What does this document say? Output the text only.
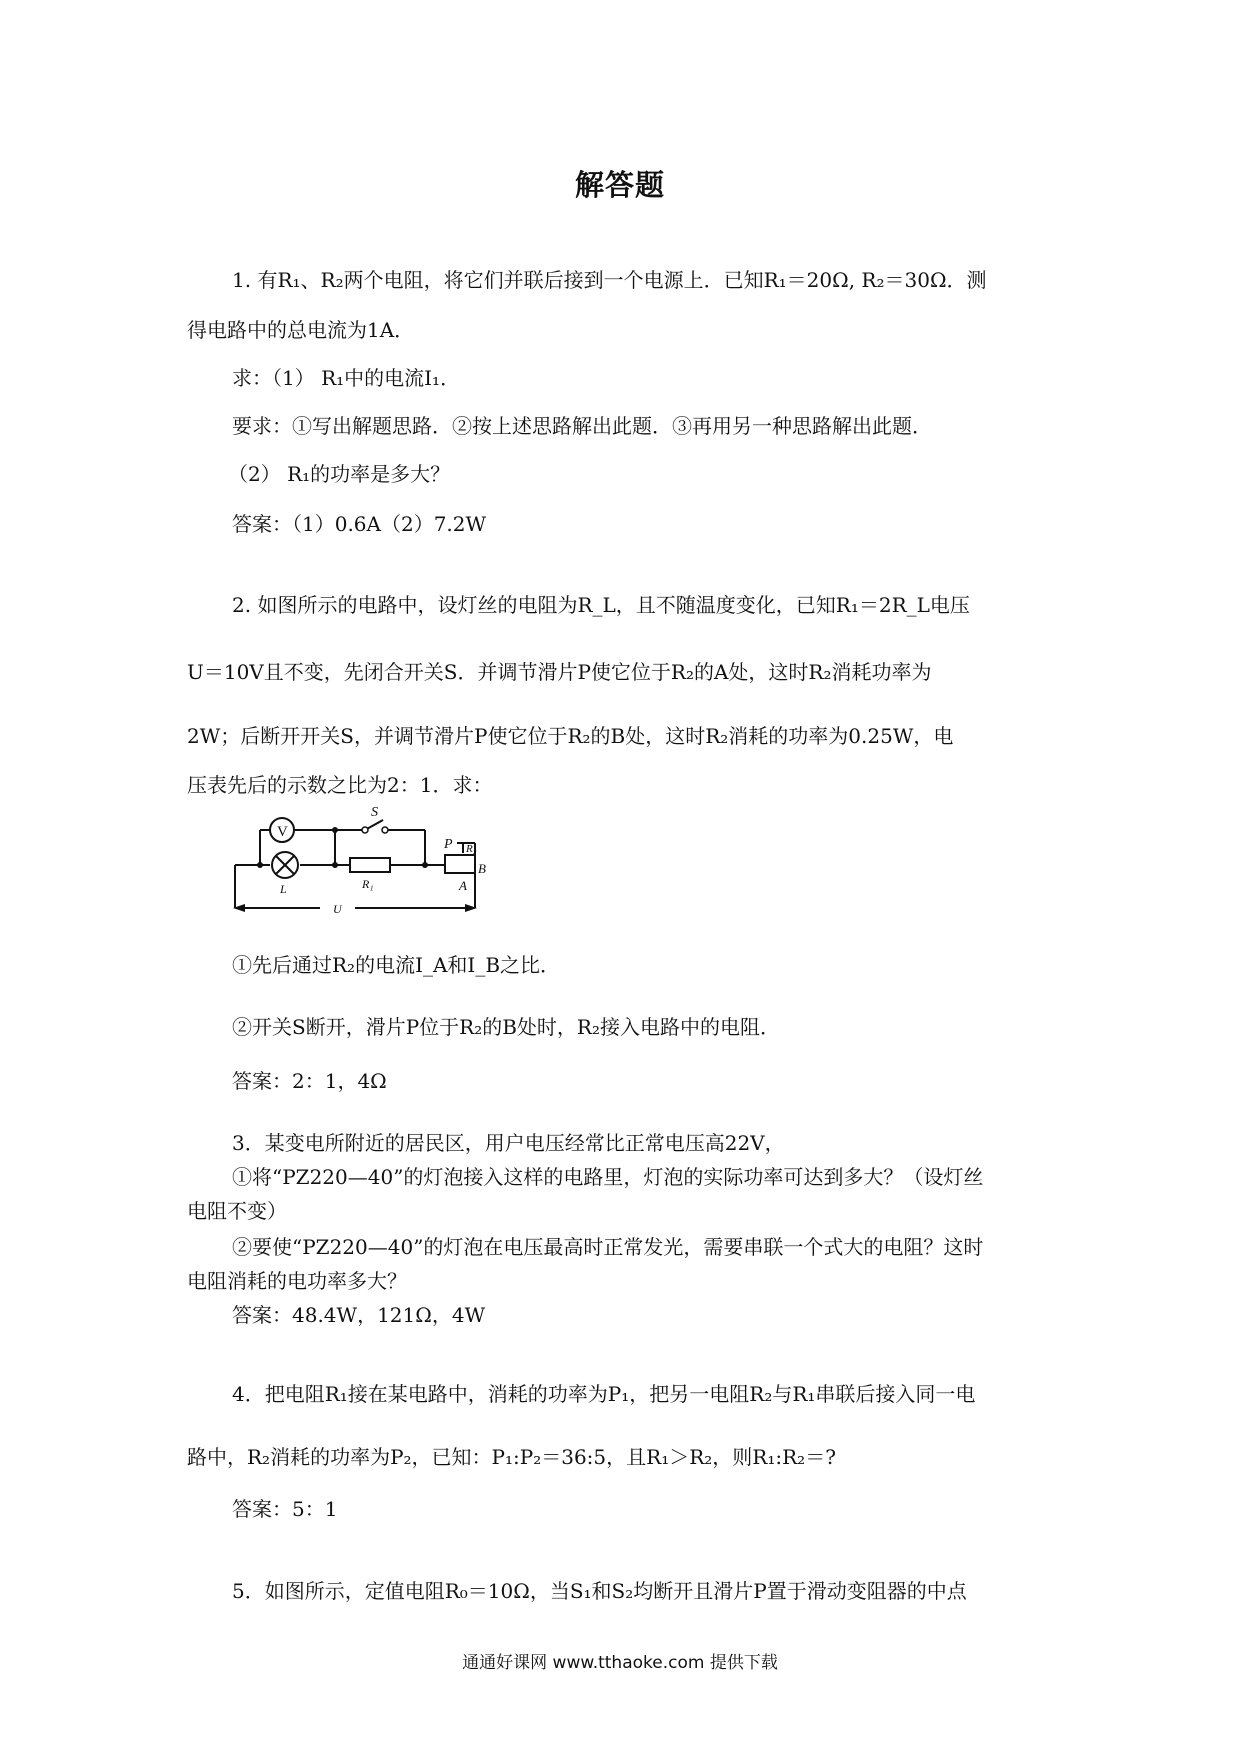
解答题
1. 有R₁、R₂两个电阻，将它们并联后接到一个电源上．已知R₁＝20Ω, R₂＝30Ω．测
得电路中的总电流为1A．
求：（1） R₁中的电流I₁．
要求：①写出解题思路．②按上述思路解出此题．③再用另一种思路解出此题．
（2） R₁的功率是多大？
答案：（1）0.6A（2）7.2W
2. 如图所示的电路中，设灯丝的电阻为R_L，且不随温度变化，已知R₁＝2R_L电压
U＝10V且不变，先闭合开关S．并调节滑片P使它位于R₂的A处，这时R₂消耗功率为
2W；后断开开关S，并调节滑片P使它位于R₂的B处，这时R₂消耗的功率为0.25W，电
压表先后的示数之比为2：1．求：
V
S
L	R₁
P R₂
A
B
U
①先后通过R₂的电流I_A和I_B之比．
②开关S断开，滑片P位于R₂的B处时，R₂接入电路中的电阻．
答案：2：1，4Ω
3．某变电所附近的居民区，用户电压经常比正常电压高22V，
①将“PZ220—40”的灯泡接入这样的电路里，灯泡的实际功率可达到多大？（设灯丝
电阻不变）
②要使“PZ220—40”的灯泡在电压最高时正常发光，需要串联一个式大的电阻？这时
电阻消耗的电功率多大？
答案：48.4W，121Ω，4W
4．把电阻R₁接在某电路中，消耗的功率为P₁，把另一电阻R₂与R₁串联后接入同一电
路中，R₂消耗的功率为P₂，已知：P₁:P₂＝36:5，且R₁＞R₂，则R₁:R₂＝?
答案：5：1
5．如图所示，定值电阻R₀＝10Ω，当S₁和S₂均断开且滑片P置于滑动变阻器的中点
通通好课网 www.tthaoke.com 提供下载
